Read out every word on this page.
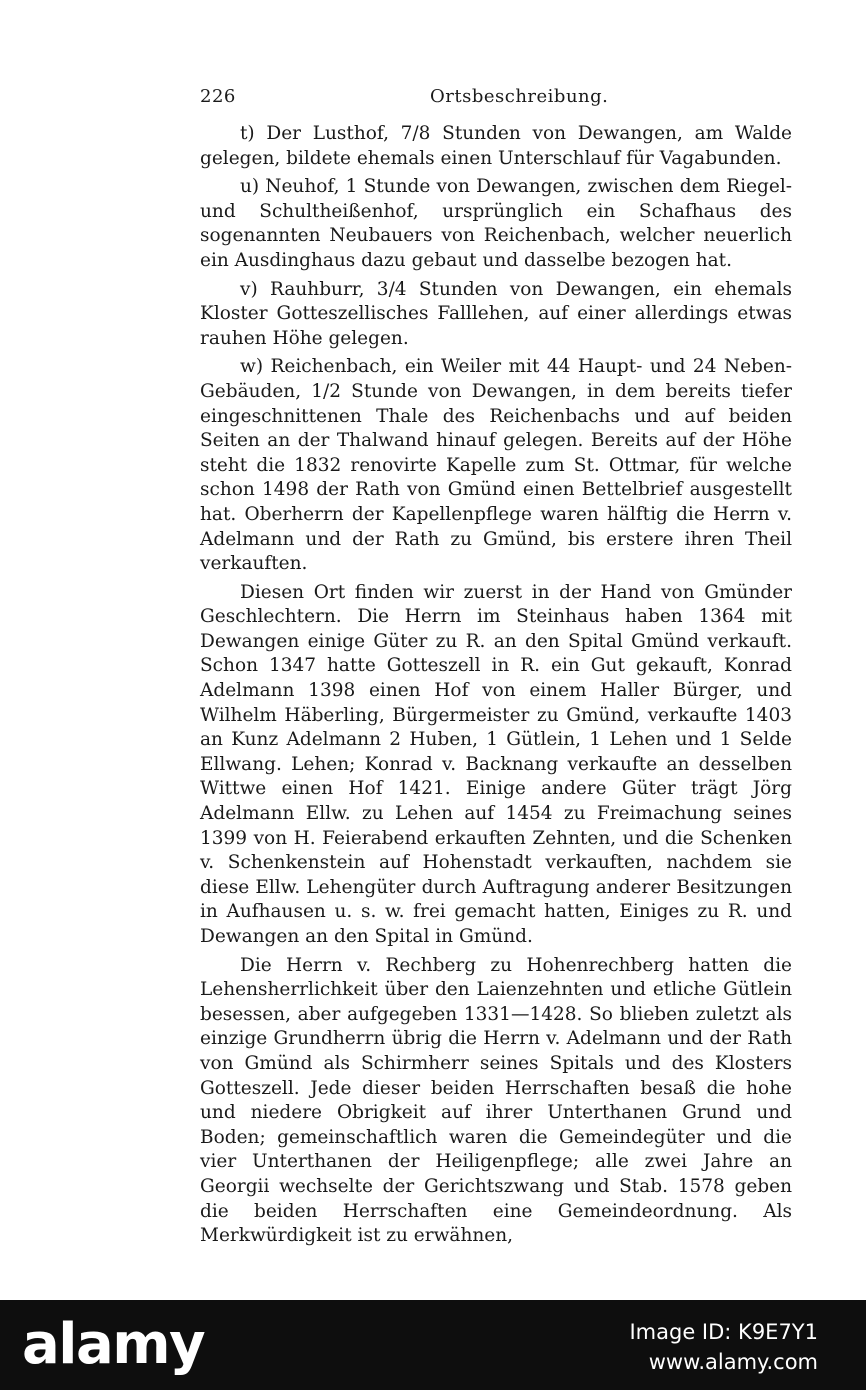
226	Ortsbeschreibung.

t) Der Lusthof, 7/8 Stunden von Dewangen, am Walde gelegen, bildete ehemals einen Unterschlauf für Vagabunden.

u) Neuhof, 1 Stunde von Dewangen, zwischen dem Riegel- und Schultheißenhof, ursprünglich ein Schafhaus des sogenannten Neubauers von Reichenbach, welcher neuerlich ein Ausdinghaus dazu gebaut und dasselbe bezogen hat.

v) Rauhburr, 3/4 Stunden von Dewangen, ein ehemals Kloster Gotteszellisches Falllehen, auf einer allerdings etwas rauhen Höhe gelegen.

w) Reichenbach, ein Weiler mit 44 Haupt- und 24 Neben-Gebäuden, 1/2 Stunde von Dewangen, in dem bereits tiefer eingeschnittenen Thale des Reichenbachs und auf beiden Seiten an der Thalwand hinauf gelegen. Bereits auf der Höhe steht die 1832 renovirte Kapelle zum St. Ottmar, für welche schon 1498 der Rath von Gmünd einen Bettelbrief ausgestellt hat. Oberherrn der Kapellenpflege waren hälftig die Herrn v. Adelmann und der Rath zu Gmünd, bis erstere ihren Theil verkauften.

Diesen Ort finden wir zuerst in der Hand von Gmünder Geschlechtern. Die Herrn im Steinhaus haben 1364 mit Dewangen einige Güter zu R. an den Spital Gmünd verkauft. Schon 1347 hatte Gotteszell in R. ein Gut gekauft, Konrad Adelmann 1398 einen Hof von einem Haller Bürger, und Wilhelm Häberling, Bürgermeister zu Gmünd, verkaufte 1403 an Kunz Adelmann 2 Huben, 1 Gütlein, 1 Lehen und 1 Selde Ellwang. Lehen; Konrad v. Backnang verkaufte an desselben Wittwe einen Hof 1421. Einige andere Güter trägt Jörg Adelmann Ellw. zu Lehen auf 1454 zu Freimachung seines 1399 von H. Feierabend erkauften Zehnten, und die Schenken v. Schenkenstein auf Hohenstadt verkauften, nachdem sie diese Ellw. Lehengüter durch Auftragung anderer Besitzungen in Aufhausen u. s. w. frei gemacht hatten, Einiges zu R. und Dewangen an den Spital in Gmünd.

Die Herrn v. Rechberg zu Hohenrechberg hatten die Lehensherrlichkeit über den Laienzehnten und etliche Gütlein besessen, aber aufgegeben 1331—1428. So blieben zuletzt als einzige Grundherrn übrig die Herrn v. Adelmann und der Rath von Gmünd als Schirmherr seines Spitals und des Klosters Gotteszell. Jede dieser beiden Herrschaften besaß die hohe und niedere Obrigkeit auf ihrer Unterthanen Grund und Boden; gemeinschaftlich waren die Gemeindegüter und die vier Unterthanen der Heiligenpflege; alle zwei Jahre an Georgii wechselte der Gerichtszwang und Stab. 1578 geben die beiden Herrschaften eine Gemeindeordnung. Als Merkwürdigkeit ist zu erwähnen,

alamy	Image ID: K9E7Y1
www.alamy.com
